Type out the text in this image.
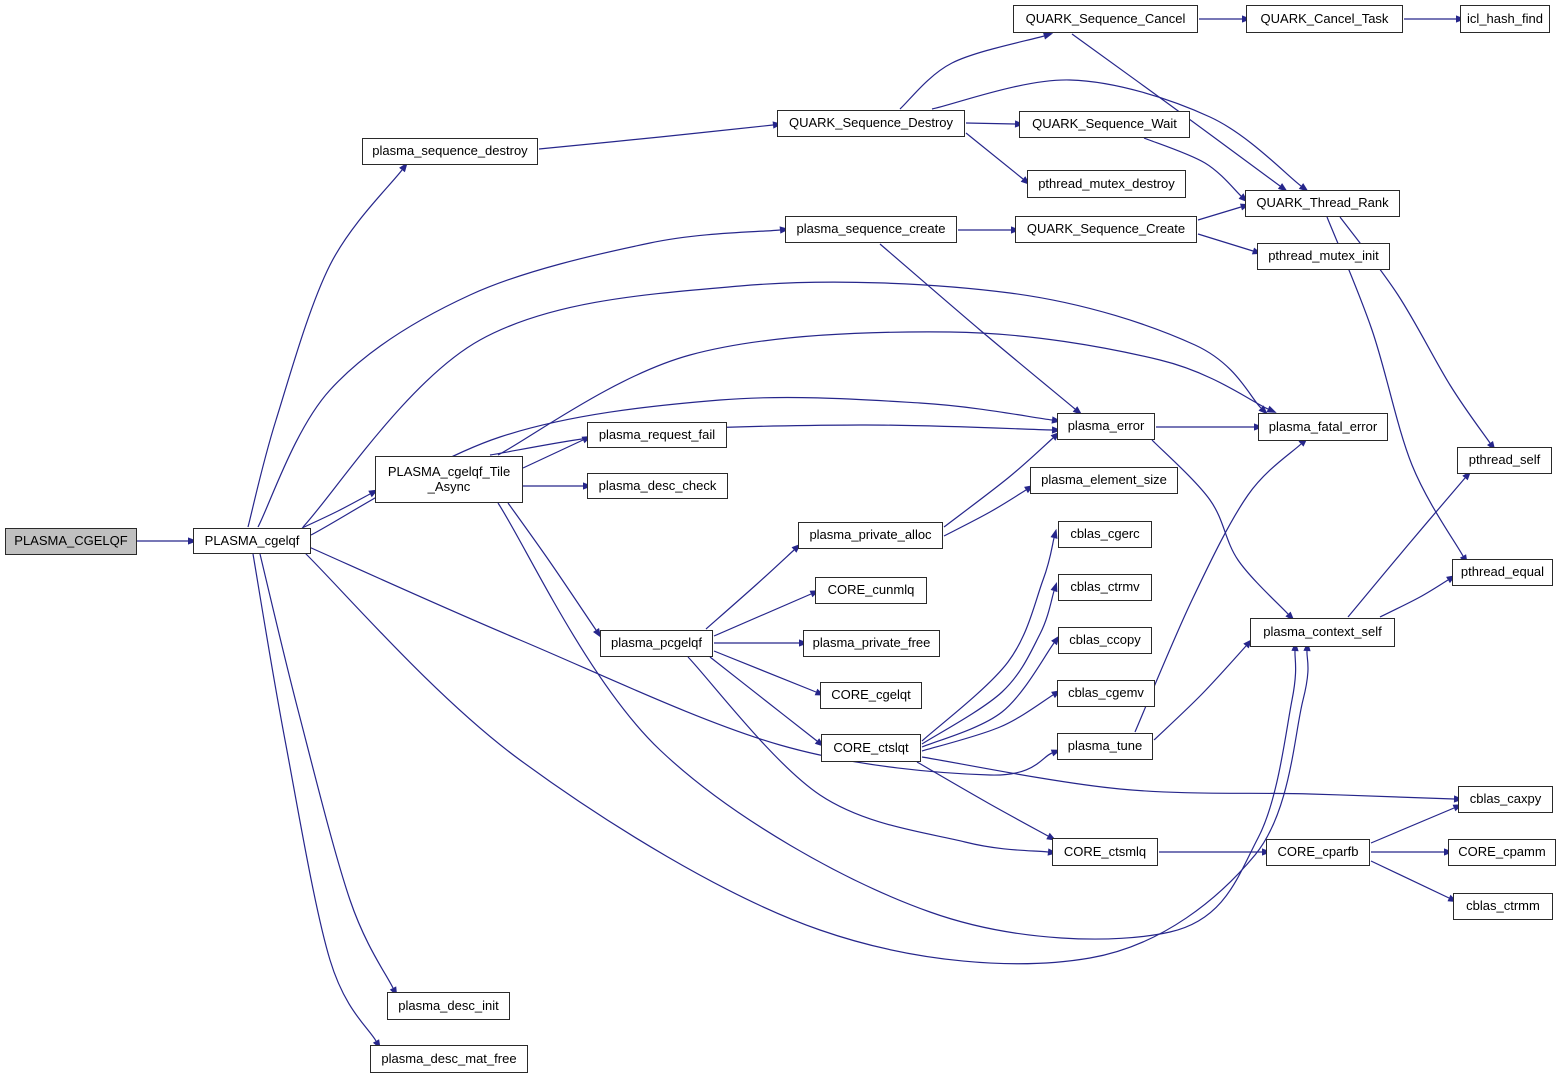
PLASMA_CGELQF	PLASMA_cgelqf
plasma_sequence_destroy
QUARK_Sequence_Destroy
QUARK_Sequence_Cancel	QUARK_Cancel_Task	icl_hash_find
QUARK_Sequence_Wait
pthread_mutex_destroy
plasma_sequence_create	QUARK_Sequence_Create
QUARK_Thread_Rank
pthread_mutex_init
PLASMA_cgelqf_Tile
_Async
plasma_request_fail
plasma_desc_check
plasma_error	plasma_fatal_error
plasma_element_size
plasma_private_alloc	cblas_cgerc
cblas_ctrmv
cblas_ccopy
cblas_cgemv
plasma_tune
CORE_cunmlq
plasma_pcgelqf	plasma_private_free
CORE_cgelqt
CORE_ctslqt
plasma_context_self
pthread_self
pthread_equal
CORE_ctsmlq	CORE_cparfb
cblas_caxpy
CORE_cpamm
cblas_ctrmm
plasma_desc_init
plasma_desc_mat_free
